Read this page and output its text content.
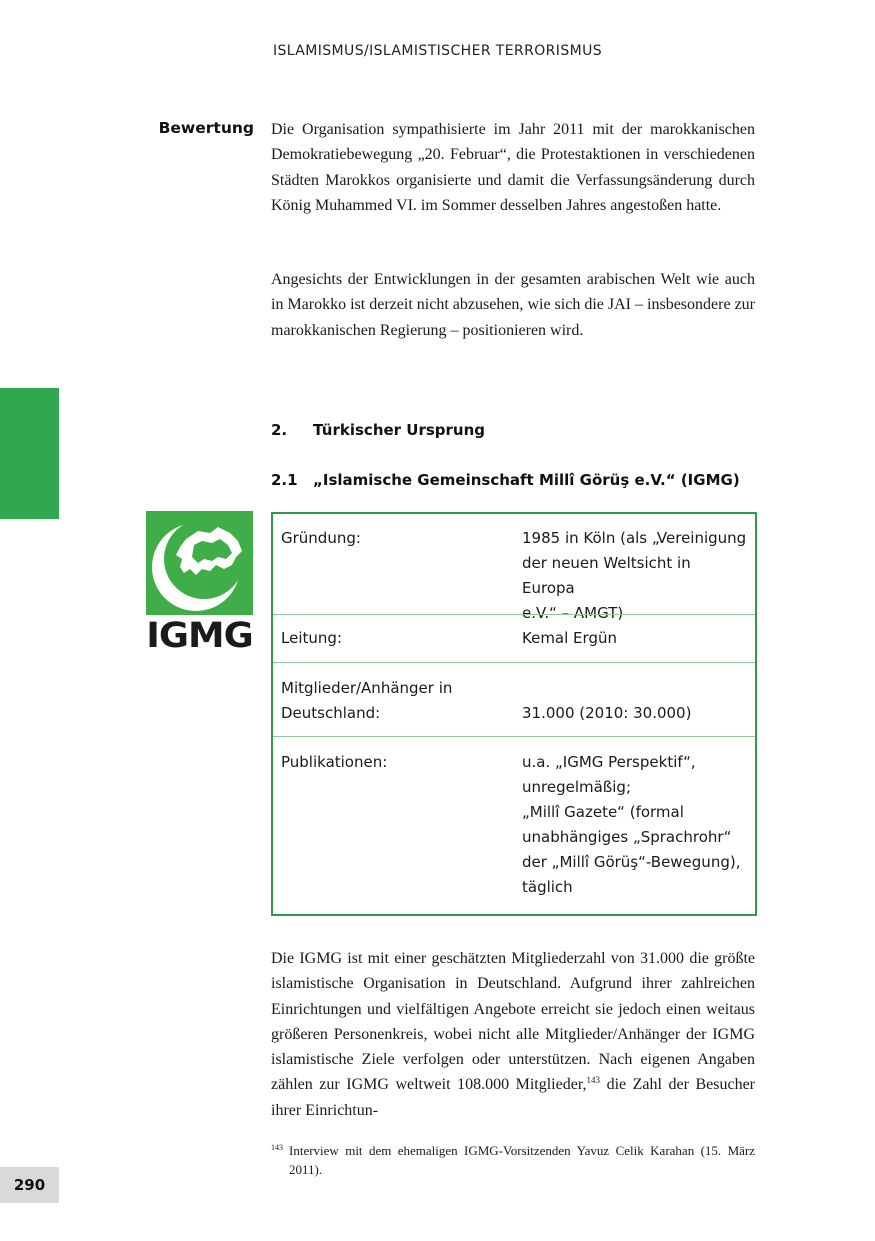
ISLAMISMUS/ISLAMISTISCHER TERRORISMUS
Bewertung Die Organisation sympathisierte im Jahr 2011 mit der marokkanischen Demokratiebewegung „20. Februar“, die Protestaktionen in verschiedenen Städten Marokkos organisierte und damit die Verfassungsänderung durch König Muhammed VI. im Sommer desselben Jahres angestoßen hatte.

Angesichts der Entwicklungen in der gesamten arabischen Welt wie auch in Marokko ist derzeit nicht abzusehen, wie sich die JAI – insbesondere zur marokkanischen Regierung – positionieren wird.

2. Türkischer Ursprung
2.1 „Islamische Gemeinschaft Millî Görüş e.V.“ (IGMG)
IGMG
Gründung:	1985 in Köln (als „Vereinigung
der neuen Weltsicht in Europa
e.V.“ – AMGT)
Leitung:	Kemal Ergün
Mitglieder/Anhänger in
Deutschland:	31.000 (2010: 30.000)
Publikationen:	u.a. „IGMG Perspektif“,
unregelmäßig;
„Millî Gazete“ (formal
unabhängiges „Sprachrohr“
der „Millî Görüş“-Bewegung),
täglich

Die IGMG ist mit einer geschätzten Mitgliederzahl von 31.000 die größte islamistische Organisation in Deutschland. Aufgrund ihrer zahlreichen Einrichtungen und vielfältigen Angebote erreicht sie jedoch einen weitaus größeren Personenkreis, wobei nicht alle Mitglieder/Anhänger der IGMG islamistische Ziele verfolgen oder unterstützen. Nach eigenen Angaben zählen zur IGMG weltweit 108.000 Mitglieder,$^{143}$ die Zahl der Besucher ihrer Einrichtun-

143 Interview mit dem ehemaligen IGMG-Vorsitzenden Yavuz Celik Karahan (15. März 2011).
290
